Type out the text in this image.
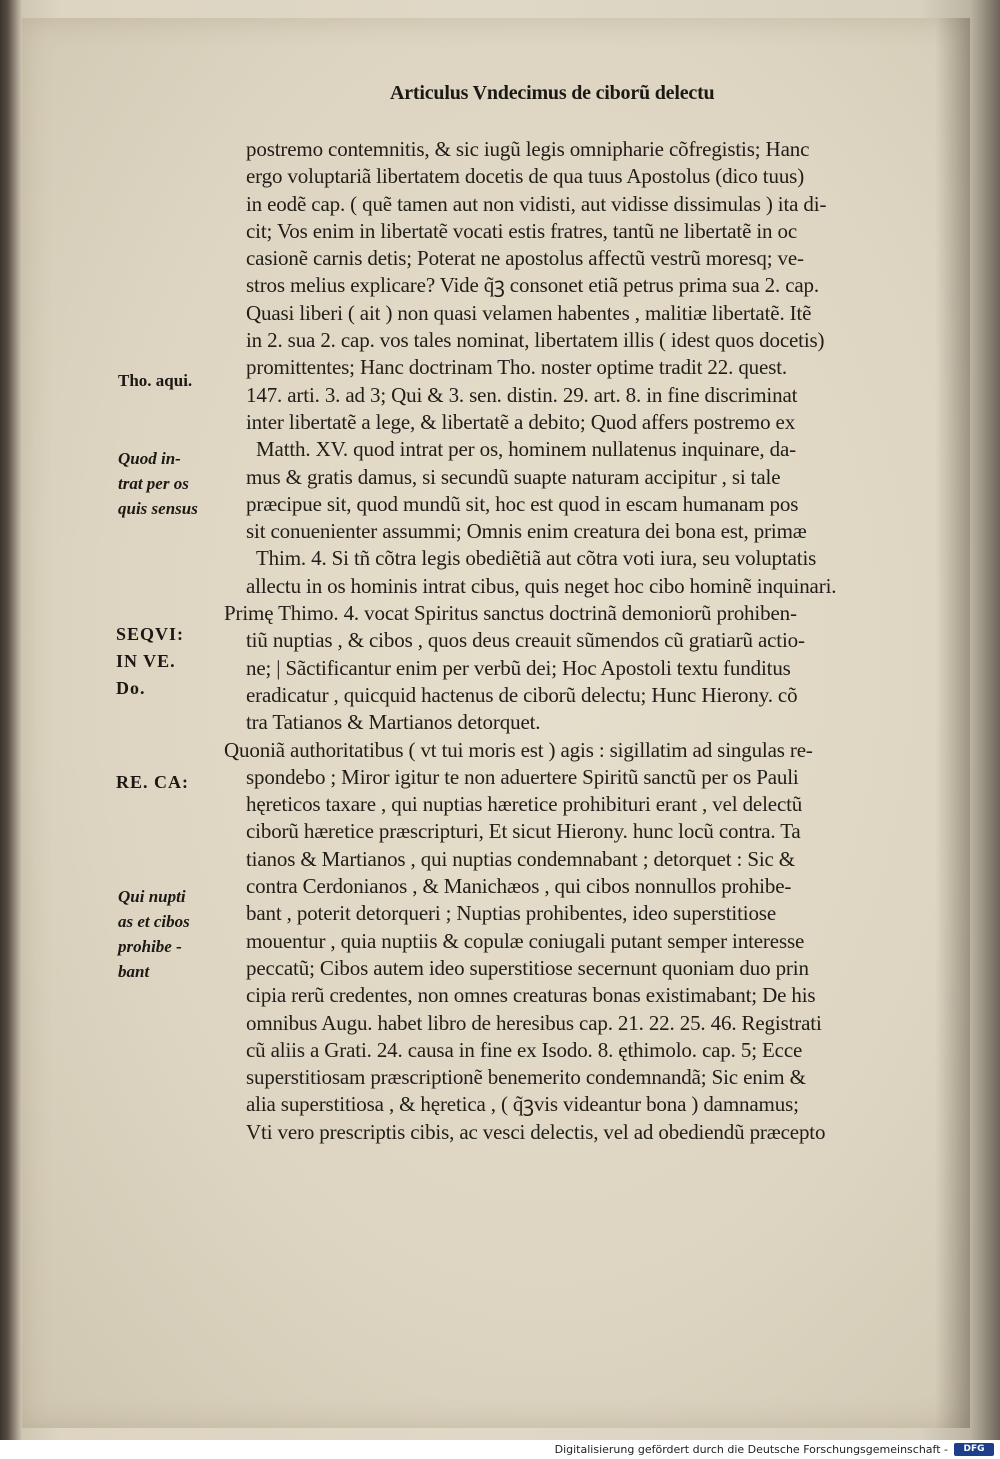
Articulus Vndecimus de ciborũ delectu
postremo contemnitis, & sic iugũ legis omnipharie cõfregistis; Hanc
ergo voluptariã libertatem docetis de qua tuus Apostolus (dico tuus)
in eodẽ cap. ( quẽ tamen aut non vidisti, aut vidisse dissimulas ) ita di-
cit; Vos enim in libertatẽ vocati estis fratres, tantũ ne libertatẽ in oc
casionẽ carnis detis; Poterat ne apostolus affectũ vestrũ moresq; ve-
stros melius explicare? Vide q̃ꝫ consonet etiã petrus prima sua 2. cap.
Quasi liberi ( ait ) non quasi velamen habentes , malitiæ libertatẽ. Itẽ
in 2. sua 2. cap. vos tales nominat, libertatem illis ( idest quos docetis)
promittentes; Hanc doctrinam Tho. noster optime tradit 22. quest.
147. arti. 3. ad 3; Qui & 3. sen. distin. 29. art. 8. in fine discriminat
inter libertatẽ a lege, & libertatẽ a debito; Quod affers postremo ex
Matth. XV. quod intrat per os, hominem nullatenus inquinare, da-
mus & gratis damus, si secundũ suapte naturam accipitur , si tale
præcipue sit, quod mundũ sit, hoc est quod in escam humanam pos
sit conuenienter assummi; Omnis enim creatura dei bona est, primæ
Thim. 4. Si tñ cõtra legis obediẽtiã aut cõtra voti iura, seu voluptatis
allectu in os hominis intrat cibus, quis neget hoc cibo hominẽ inquinari.
Primę Thimo. 4. vocat Spiritus sanctus doctrinã demoniorũ prohiben-
tiũ nuptias , & cibos , quos deus creauit sũmendos cũ gratiarũ actio-
ne; | Sãctificantur enim per verbũ dei; Hoc Apostoli textu funditus
eradicatur , quicquid hactenus de ciborũ delectu; Hunc Hierony. cõ
tra Tatianos & Martianos detorquet.
Quoniã authoritatibus ( vt tui moris est ) agis : sigillatim ad singulas re-
spondebo ; Miror igitur te non aduertere Spiritũ sanctũ per os Pauli
hęreticos taxare , qui nuptias hæretice prohibituri erant , vel delectũ
ciborũ hæretice præscripturi, Et sicut Hierony. hunc locũ contra. Ta
tianos & Martianos , qui nuptias condemnabant ; detorquet : Sic &
contra Cerdonianos , & Manichæos , qui cibos nonnullos prohibe-
bant , poterit detorqueri ; Nuptias prohibentes, ideo superstitiose
mouentur , quia nuptiis & copulæ coniugali putant semper interesse
peccatũ; Cibos autem ideo superstitiose secernunt quoniam duo prin
cipia rerũ credentes, non omnes creaturas bonas existimabant; De his
omnibus Augu. habet libro de heresibus cap. 21. 22. 25. 46. Registrati
cũ aliis a Grati. 24. causa in fine ex Isodo. 8. ęthimolo. cap. 5; Ecce
superstitiosam præscriptionẽ benemerito condemnandã; Sic enim &
alia superstitiosa , & hęretica , ( q̃ꝫvis videantur bona ) damnamus;
Vti vero prescriptis cibis, ac vesci delectis, vel ad obediendũ præcepto
Tho. aqui.
Quod in-
trat per os
quis sensus
SEQVI:
IN VE.
Do.
RE. CA:
Qui nupti
as et cibos
prohibe -
bant
Digitalisierung gefördert durch die Deutsche Forschungsgemeinschaft -	DFG
